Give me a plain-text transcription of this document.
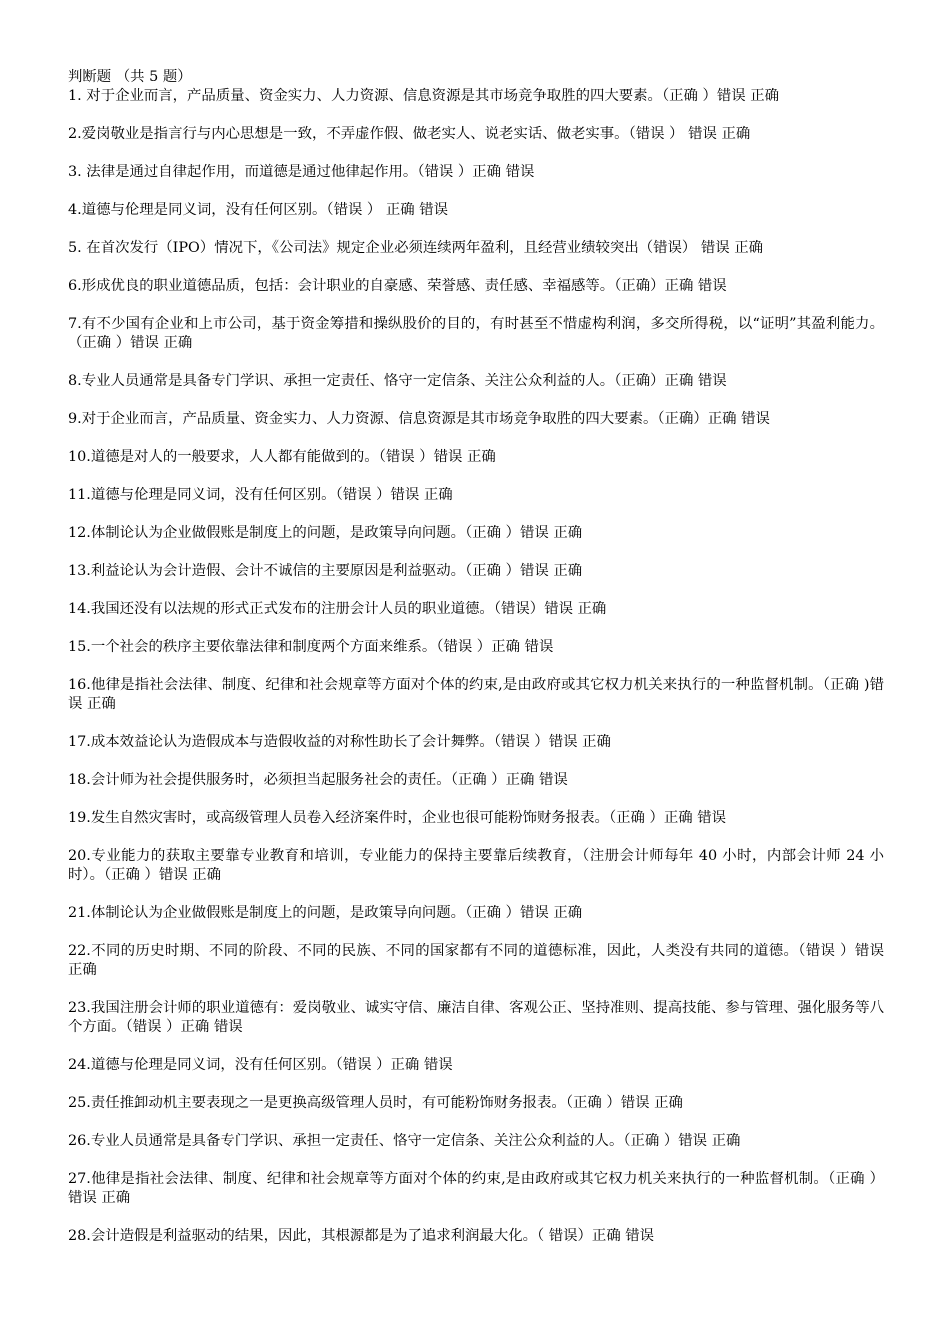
判断题 （共 5 题）

1. 对于企业而言，产品质量、资金实力、人力资源、信息资源是其市场竞争取胜的四大要素。（正确 ）错误 正确

2.爱岗敬业是指言行与内心思想是一致，不弄虚作假、做老实人、说老实话、做老实事。（错误 ） 错误 正确

3. 法律是通过自律起作用，而道德是通过他律起作用。（错误 ）正确 错误

4.道德与伦理是同义词，没有任何区别。（错误 ） 正确 错误

5. 在首次发行（IPO）情况下，《公司法》规定企业必须连续两年盈利，且经营业绩较突出（错误） 错误 正确

6.形成优良的职业道德品质，包括：会计职业的自豪感、荣誉感、责任感、幸福感等。（正确）正确 错误

7.有不少国有企业和上市公司，基于资金筹措和操纵股价的目的，有时甚至不惜虚构利润，多交所得税，以“证明”其盈利能力。（正确 ）错误 正确

8.专业人员通常是具备专门学识、承担一定责任、恪守一定信条、关注公众利益的人。（正确）正确 错误

9.对于企业而言，产品质量、资金实力、人力资源、信息资源是其市场竞争取胜的四大要素。（正确）正确 错误

10.道德是对人的一般要求，人人都有能做到的。（错误 ）错误 正确

11.道德与伦理是同义词，没有任何区别。（错误 ）错误 正确

12.体制论认为企业做假账是制度上的问题，是政策导向问题。（正确 ）错误 正确

13.利益论认为会计造假、会计不诚信的主要原因是利益驱动。（正确 ）错误 正确

14.我国还没有以法规的形式正式发布的注册会计人员的职业道德。（错误）错误 正确

15.一个社会的秩序主要依靠法律和制度两个方面来维系。（错误 ）正确 错误

16.他律是指社会法律、制度、纪律和社会规章等方面对个体的约束,是由政府或其它权力机关来执行的一种监督机制。（正确 )错误 正确

17.成本效益论认为造假成本与造假收益的对称性助长了会计舞弊。（错误 ）错误 正确

18.会计师为社会提供服务时，必须担当起服务社会的责任。（正确 ）正确 错误

19.发生自然灾害时，或高级管理人员卷入经济案件时，企业也很可能粉饰财务报表。（正确 ）正确 错误

20.专业能力的获取主要靠专业教育和培训，专业能力的保持主要靠后续教育，（注册会计师每年 40 小时，内部会计师 24 小时）。（正确 ）错误 正确

21.体制论认为企业做假账是制度上的问题，是政策导向问题。（正确 ）错误 正确

22.不同的历史时期、不同的阶段、不同的民族、不同的国家都有不同的道德标准，因此，人类没有共同的道德。（错误 ）错误 正确

23.我国注册会计师的职业道德有：爱岗敬业、诚实守信、廉洁自律、客观公正、坚持准则、提高技能、参与管理、强化服务等八个方面。（错误 ）正确 错误

24.道德与伦理是同义词，没有任何区别。（错误 ）正确 错误

25.责任推卸动机主要表现之一是更换高级管理人员时，有可能粉饰财务报表。（正确 ）错误 正确

26.专业人员通常是具备专门学识、承担一定责任、恪守一定信条、关注公众利益的人。（正确 ）错误 正确

27.他律是指社会法律、制度、纪律和社会规章等方面对个体的约束,是由政府或其它权力机关来执行的一种监督机制。（正确 ）错误 正确

28.会计造假是利益驱动的结果，因此，其根源都是为了追求利润最大化。（ 错误）正确 错误
